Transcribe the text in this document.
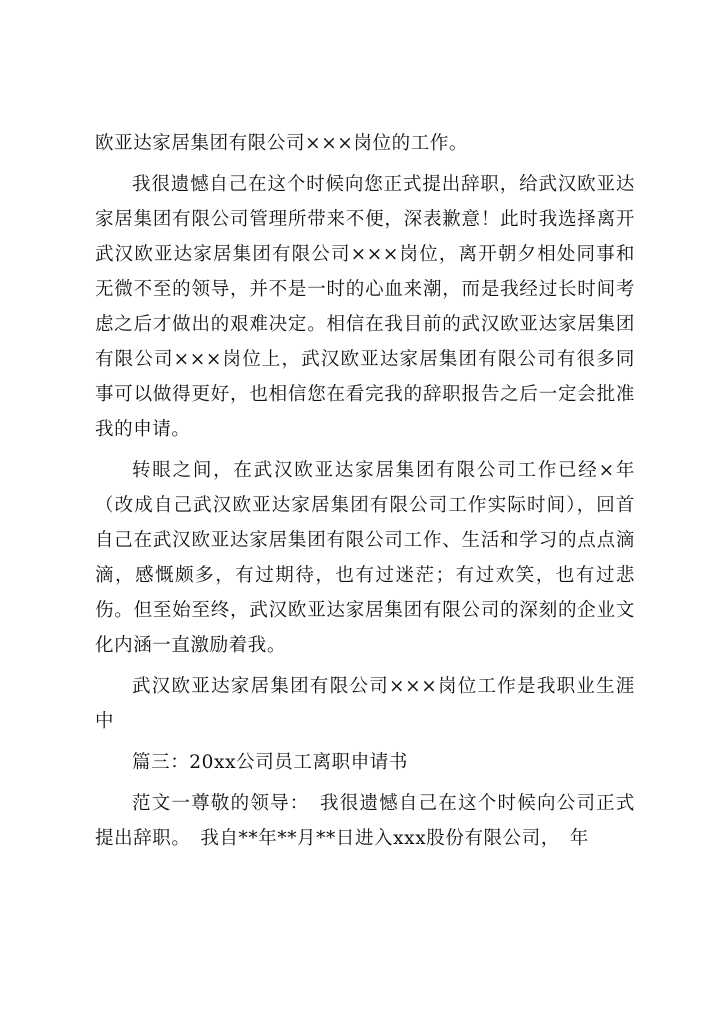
欧亚达家居集团有限公司×××岗位的工作。

我很遗憾自己在这个时候向您正式提出辞职，给武汉欧亚达家居集团有限公司管理所带来不便，深表歉意！此时我选择离开武汉欧亚达家居集团有限公司×××岗位，离开朝夕相处同事和无微不至的领导，并不是一时的心血来潮，而是我经过长时间考虑之后才做出的艰难决定。相信在我目前的武汉欧亚达家居集团有限公司×××岗位上，武汉欧亚达家居集团有限公司有很多同事可以做得更好，也相信您在看完我的辞职报告之后一定会批准我的申请。

转眼之间，在武汉欧亚达家居集团有限公司工作已经×年（改成自己武汉欧亚达家居集团有限公司工作实际时间），回首自己在武汉欧亚达家居集团有限公司工作、生活和学习的点点滴滴，感慨颇多，有过期待，也有过迷茫；有过欢笑，也有过悲伤。但至始至终，武汉欧亚达家居集团有限公司的深刻的企业文化内涵一直激励着我。

武汉欧亚达家居集团有限公司×××岗位工作是我职业生涯中

篇三：20xx公司员工离职申请书

范文一尊敬的领导：　我很遗憾自己在这个时候向公司正式提出辞职。　我自**年**月**日进入xxx股份有限公司，　年
